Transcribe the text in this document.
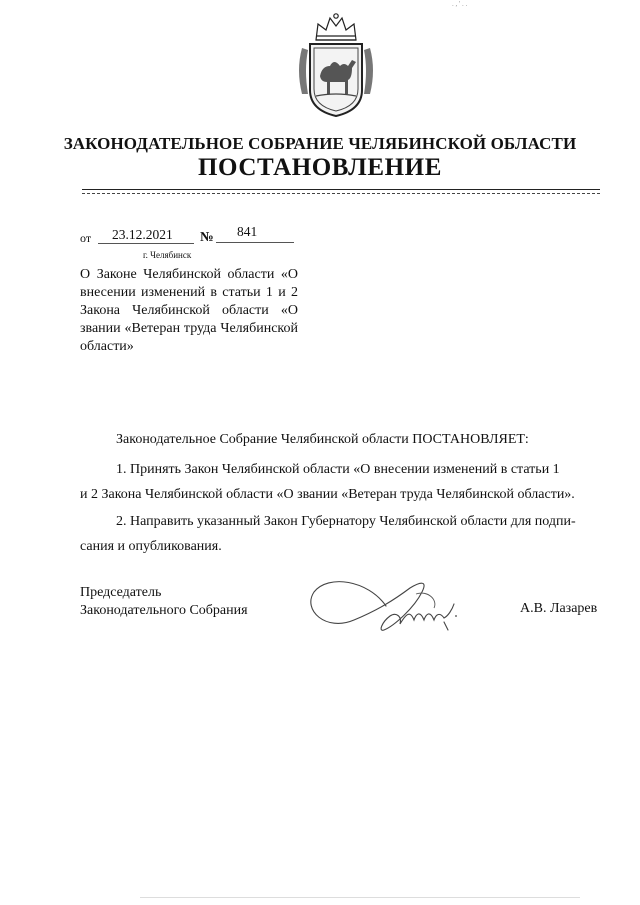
. , ' . .
ЗАКОНОДАТЕЛЬНОЕ СОБРАНИЕ ЧЕЛЯБИНСКОЙ ОБЛАСТИ
ПОСТАНОВЛЕНИЕ
от 23.12.2021 № 841
г. Челябинск
О Законе Челябинской области «О внесении изменений в статьи 1 и 2 Закона Челябинской области «О звании «Ветеран труда Челябинской области»
Законодательное Собрание Челябинской области ПОСТАНОВЛЯЕТ:
1. Принять Закон Челябинской области «О внесении изменений в статьи 1
и 2 Закона Челябинской области «О звании «Ветеран труда Челябинской области».
2. Направить указанный Закон Губернатору Челябинской области для подпи-
сания и опубликования.
Председатель
Законодательного Собрания	А.В. Лазарев
